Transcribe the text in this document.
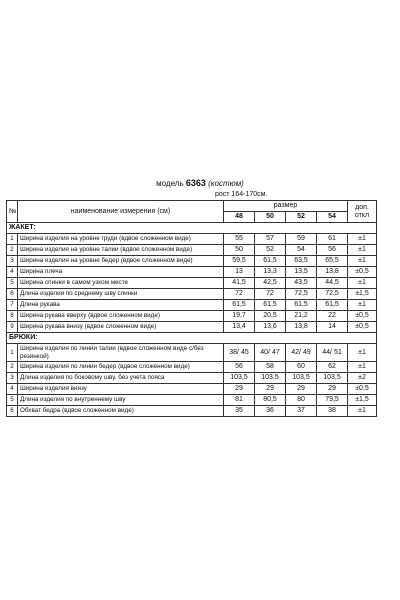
модель 6363 (костюм)
рост 164-170см.
№	наименование измерения (см)	размер				доп. откл
		48	50	52	54	
ЖАКЕТ:						
1	Ширина изделия на уровне груди (вдвое сложенном виде)	55	57	59	61	±1
2	Ширина изделия на уровне талии (вдвое сложенном виде)	50	52	54	56	±1
3	Ширина изделия на уровне бедер (вдвое сложенном виде)	59,5	61,5	63,5	65,5	±1
4	Ширина плеча	13	13,3	13,5	13,8	±0,5
5	Ширина спинки в самом узком месте	41,5	42,5	43,5	44,5	±1
6	Длина изделия по среднему шву спинки	72	72	72,5	72,5	±1,5
7	Длина рукава	61,5	61,5	61,5	61,5	±1
8	Ширина рукава вверху (вдвое сложенном виде)	19,7	20,5	21,2	22	±0,5
9	Ширина рукава внизу (вдвое сложенном виде)	13,4	13,6	13,8	14	±0,5
БРЮКИ:						
1	Ширина изделия по линии талии (вдвое сложенном виде с/без резинкой)	38/ 45	40/ 47	42/ 49	44/ 51	±1
2	Ширина изделия по линии бедер (вдвое сложенном виде)	56	58	60	62	±1
3	Длина изделия по боковому шву, без учета пояса	103,5	103,5	103,5	103,5	±2
4	Ширина изделия внизу	29	29	29	29	±0,5
5	Длина изделия по внутреннему шву	81	80,5	80	79,5	±1,5
6	Обхват бедра (вдвое сложенном виде)	35	36	37	38	±1
